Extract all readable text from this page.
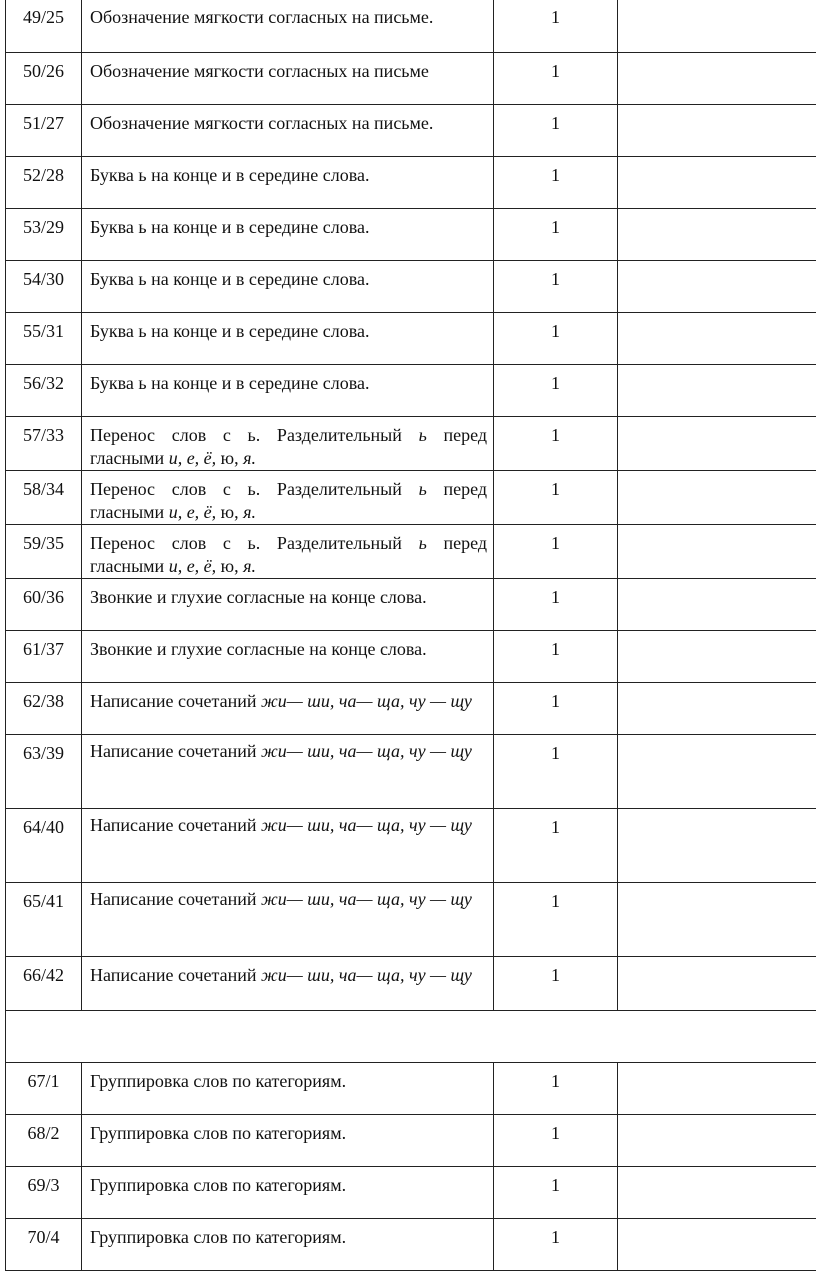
49/25	Обозначение мягкости согласных на письме.	1	
50/26	Обозначение мягкости согласных на письме	1	
51/27	Обозначение мягкости согласных на письме.	1	
52/28	Буква ь на конце и в середине слова.	1	
53/29	Буква ь на конце и в середине слова.	1	
54/30	Буква ь на конце и в середине слова.	1	
55/31	Буква ь на конце и в середине слова.	1	
56/32	Буква ь на конце и в середине слова.	1	
57/33	Перенос слов с ь. Разделительный ь перед гласными и, е, ё, ю, я.	1	
58/34	Перенос слов с ь. Разделительный ь перед гласными и, е, ё, ю, я.	1	
59/35	Перенос слов с ь. Разделительный ь перед гласными и, е, ё, ю, я.	1	
60/36	Звонкие и глухие согласные на конце слова.	1	
61/37	Звонкие и глухие согласные на конце слова.	1	
62/38	Написание сочетаний жи— ши, ча— ща, чу — щу	1	
63/39	Написание сочетаний жи— ши, ча— ща, чу — щу	1	
64/40	Написание сочетаний жи— ши, ча— ща, чу — щу	1	
65/41	Написание сочетаний жи— ши, ча— ща, чу — щу	1	
66/42	Написание сочетаний жи— ши, ча— ща, чу — щу	1	

67/1	Группировка слов по категориям.	1	
68/2	Группировка слов по категориям.	1	
69/3	Группировка слов по категориям.	1	
70/4	Группировка слов по категориям.	1	
